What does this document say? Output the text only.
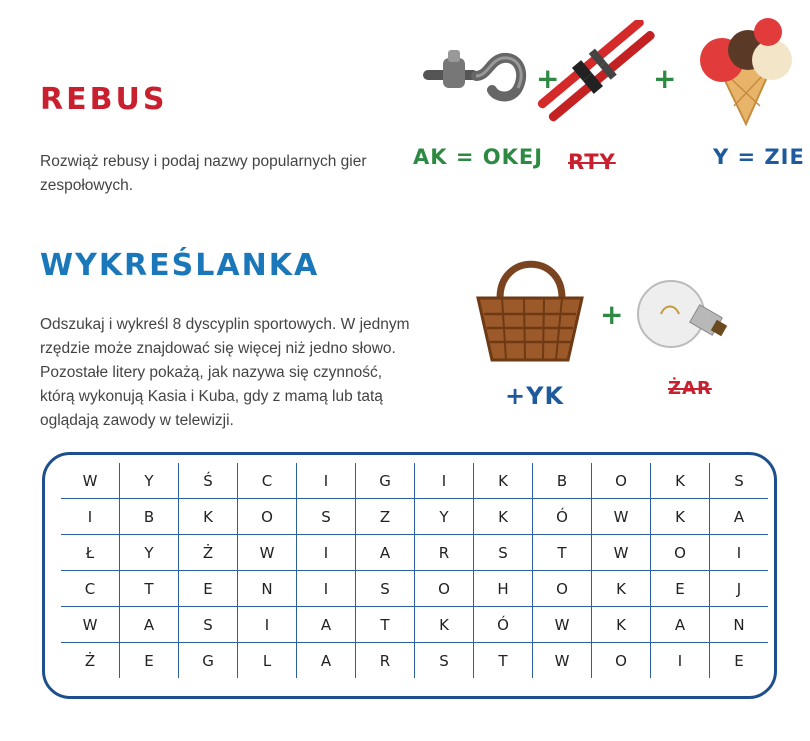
REBUS
Rozwiąż rebusy i podaj nazwy popularnych gier zespołowych.
WYKREŚLANKA
Odszukaj i wykreśl 8 dyscyplin sportowych. W jednym rzędzie może znajdować się więcej niż jedno słowo. Pozostałe litery pokażą, jak nazywa się czynność, którą wykonują Kasia i Kuba, gdy z mamą lub tatą oglądają zawody w telewizji.
+	+
AK = OKEJ RTY	Y = ZIE
+
+YK	ŻAR
W	Y	Ś	C	I	G	I	K	B	O	K	S
I	B	K	O	S	Z	Y	K	Ó	W	K	A
Ł	Y	Ż	W	I	A	R	S	T	W	O	I
C	T	E	N	I	S	O	H	O	K	E	J
W	A	S	I	A	T	K	Ó	W	K	A	N
Ż	E	G	L	A	R	S	T	W	O	I	E
